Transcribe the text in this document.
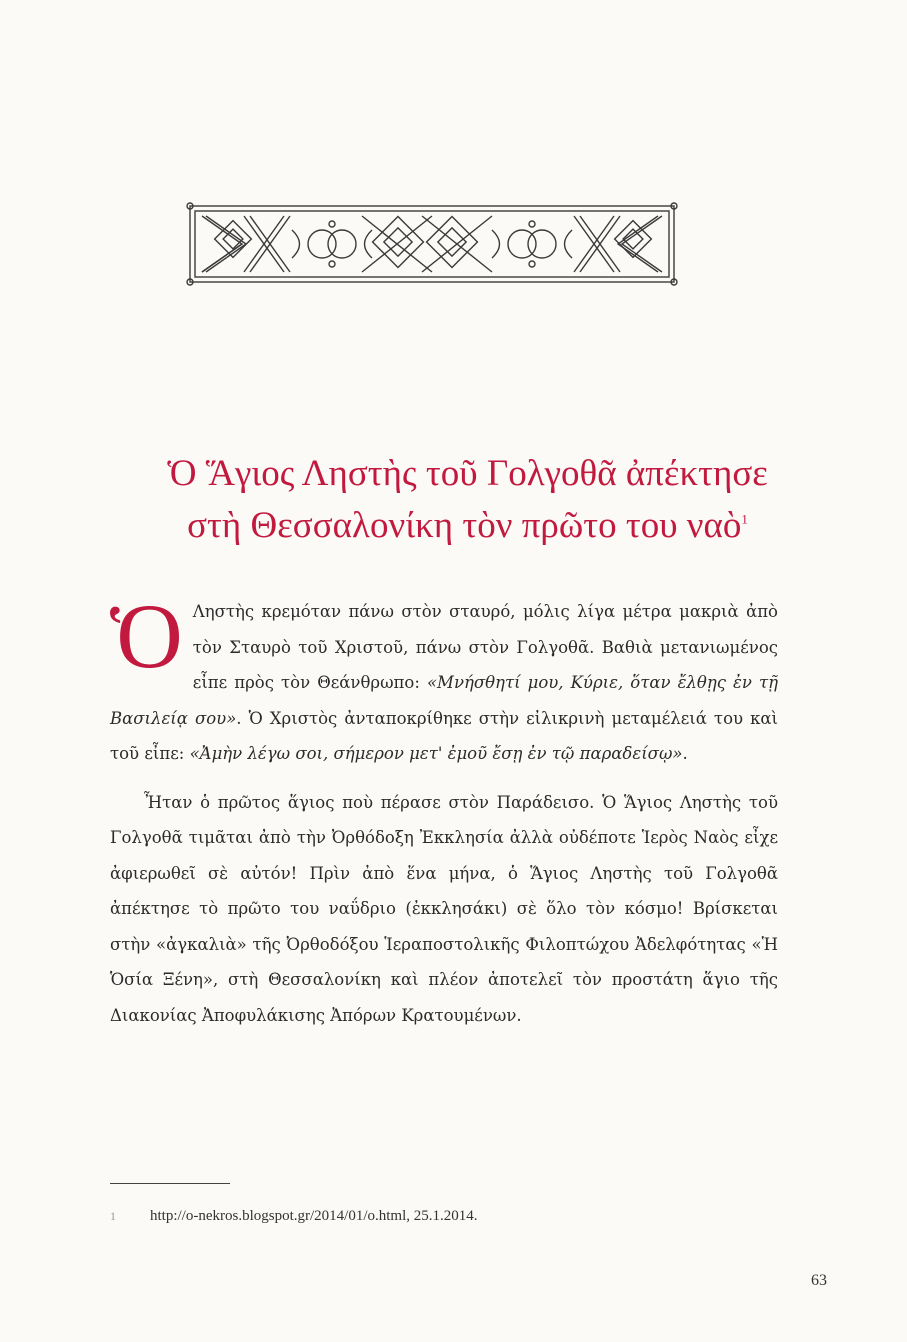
Ὁ Ἅγιος Ληστὴς τοῦ Γολγοθᾶ ἀπέκτησε
στὴ Θεσσαλονίκη τὸν πρῶτο του ναὸ$^1$

Ὁ Ληστὴς κρεμόταν πάνω στὸν σταυρό, μόλις λίγα μέτρα μακριὰ ἀπὸ τὸν Σταυρὸ τοῦ Χριστοῦ, πάνω στὸν Γολγοθᾶ. Βαθιὰ μετανιωμένος εἶπε πρὸς τὸν Θεάνθρωπο: «Μνήσθητί μου, Κύριε, ὅταν ἔλθῃς ἐν τῇ Βασιλείᾳ σου». Ὁ Χριστὸς ἀνταποκρίθηκε στὴν εἰλικρινὴ μεταμέλειά του καὶ τοῦ εἶπε: «Ἀμὴν λέγω σοι, σήμερον μετ' ἐμοῦ ἔσῃ ἐν τῷ παραδείσῳ».

Ἦταν ὁ πρῶτος ἅγιος ποὺ πέρασε στὸν Παράδεισο. Ὁ Ἅγιος Ληστὴς τοῦ Γολγοθᾶ τιμᾶται ἀπὸ τὴν Ὀρθόδοξη Ἐκκλησία ἀλλὰ οὐδέποτε Ἱερὸς Ναὸς εἶχε ἀφιερωθεῖ σὲ αὐτόν! Πρὶν ἀπὸ ἕνα μήνα, ὁ Ἅγιος Ληστὴς τοῦ Γολγοθᾶ ἀπέκτησε τὸ πρῶτο του ναΰδριο (ἐκκλησάκι) σὲ ὅλο τὸν κόσμο! Βρίσκεται στὴν «ἀγκαλιὰ» τῆς Ὀρθοδόξου Ἱεραποστολικῆς Φιλοπτώχου Ἀδελφότητας «Ἡ Ὁσία Ξένη», στὴ Θεσσαλονίκη καὶ πλέον ἀποτελεῖ τὸν προστάτη ἅγιο τῆς Διακονίας Ἀποφυλάκισης Ἀπόρων Κρατουμένων.

1 http://o-nekros.blogspot.gr/2014/01/o.html, 25.1.2014.
63
